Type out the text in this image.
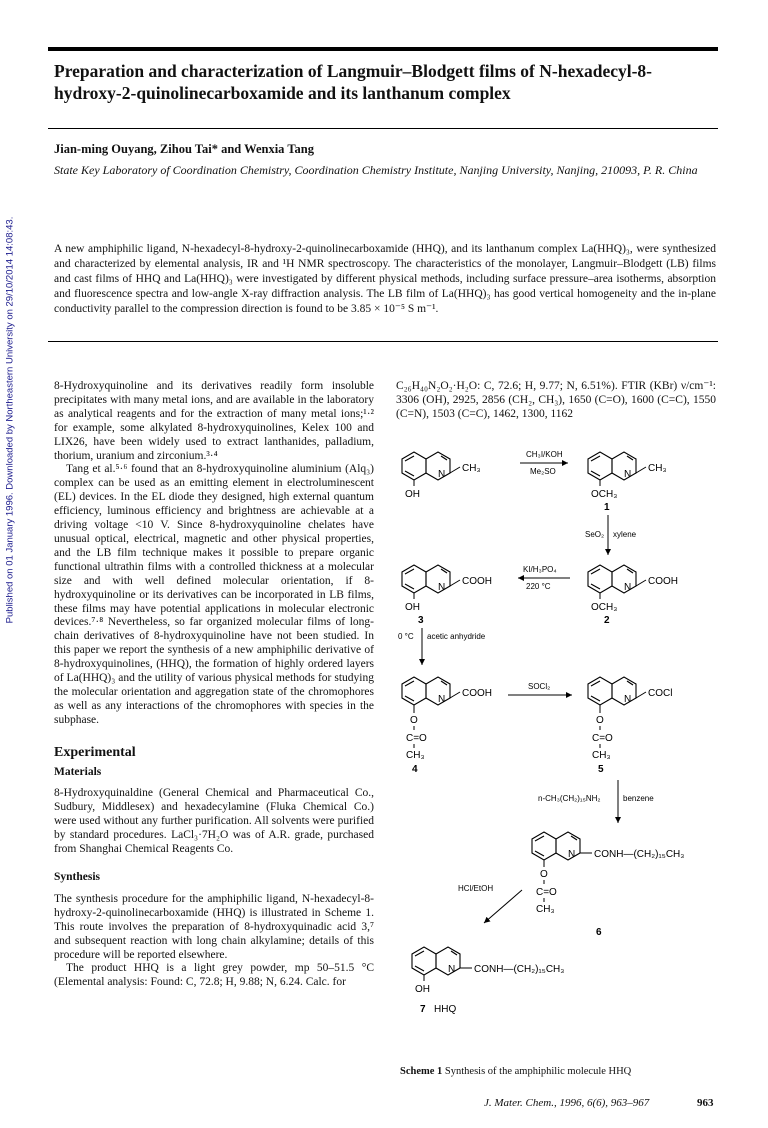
Published on 01 January 1996. Downloaded by Northeastern University on 29/10/2014 14:08:43.
Preparation and characterization of Langmuir–Blodgett films of N-hexadecyl-8-hydroxy-2-quinolinecarboxamide and its lanthanum complex
Jian-ming Ouyang, Zihou Tai* and Wenxia Tang
State Key Laboratory of Coordination Chemistry, Coordination Chemistry Institute, Nanjing University, Nanjing, 210093, P. R. China
A new amphiphilic ligand, N-hexadecyl-8-hydroxy-2-quinolinecarboxamide (HHQ), and its lanthanum complex La(HHQ)₃, were synthesized and characterized by elemental analysis, IR and ¹H NMR spectroscopy. The characteristics of the monolayer, Langmuir–Blodgett (LB) films and cast films of HHQ and La(HHQ)₃ were investigated by different physical methods, including surface pressure–area isotherms, absorption and fluorescence spectra and low-angle X-ray diffraction analysis. The LB film of La(HHQ)₃ has good vertical homogeneity and the in-plane conductivity parallel to the compression direction is found to be 3.85 × 10⁻⁵ S m⁻¹.

8-Hydroxyquinoline and its derivatives readily form insoluble precipitates with many metal ions, and are available in the laboratory as analytical reagents and for the extraction of many metal ions;¹·² for example, some alkylated 8-hydroxyquinolines, Kelex 100 and LIX26, have been widely used to extract lanthanides, palladium, thorium, uranium and zirconium.³·⁴

Tang et al.⁵·⁶ found that an 8-hydroxyquinoline aluminium (Alq₃) complex can be used as an emitting element in electroluminescent (EL) devices. In the EL diode they designed, high external quantum efficiency, luminous efficiency and brightness are achievable at a driving voltage <10 V. Since 8-hydroxyquinoline chelates have unusual optical, electrical, magnetic and other physical properties, and the LB film technique makes it possible to prepare organic functional ultrathin films with a controlled thickness at a molecular size and with well defined molecular orientation, if 8-hydroxyquinoline or its derivatives can be incorporated in LB films, these films may have potential applications in molecular electronic devices.⁷·⁸ Nevertheless, so far organized molecular films of long-chain derivatives of 8-hydroxyquinoline have not been studied. In this paper we report the synthesis of a new amphiphilic derivative of 8-hydroxyquinolines, (HHQ), the formation of highly ordered layers of La(HHQ)₃ and the utility of various physical methods for studying the molecular orientation and aggregation state of the chromophores as well as any interactions of the chromophores with species in the subphase.

Experimental
Materials

8-Hydroxyquinaldine (General Chemical and Pharmaceutical Co., Sudbury, Middlesex) and hexadecylamine (Fluka Chemical Co.) were used without any further purification. All solvents were purified by standard procedures. LaCl₃·7H₂O was of A.R. grade, purchased from Shanghai Chemical Reagents Co.

Synthesis

The synthesis procedure for the amphiphilic ligand, N-hexadecyl-8-hydroxy-2-quinolinecarboxamide (HHQ) is illustrated in Scheme 1. This route involves the preparation of 8-hydroxyquinadic acid 3,⁷ and subsequent reaction with long chain alkylamine; details of this procedure will be reported elsewhere.

The product HHQ is a light grey powder, mp 50–51.5 °C (Elemental analysis: Found: C, 72.8; H, 9.88; N, 6.24. Calc. for

C₂₆H₄₀N₂O₂·H₂O: C, 72.6; H, 9.77; N, 6.51%). FTIR (KBr) ν/cm⁻¹: 3306 (OH), 2925, 2856 (CH₂, CH₃), 1650 (C=O), 1600 (C=C), 1550 (C=N), 1503 (C=C), 1462, 1300, 1162

N
CH₃
OH
CH₃I/KOH
Me₂SO	N
CH₃
OCH₃
1
SeO₂ xylene
N
COOH
OCH₃
2
KI/H₃PO₄
220 °C
N
COOH
OH
3
0 °C acetic anhydride
N
COOH
O
C=O
CH₃
4
SOCl₂
N
COCl
O
C=O
CH₃
5
n-CH₃(CH₂)₁₅NH₂	benzene
N CONH—(CH₂)₁₅CH₃
O
C=O
CH₃
6
HCl/EtOH
N CONH—(CH₂)₁₅CH₃
OH
7 HHQ
Scheme 1 Synthesis of the amphiphilic molecule HHQ
J. Mater. Chem., 1996, 6(6), 963–967	963
